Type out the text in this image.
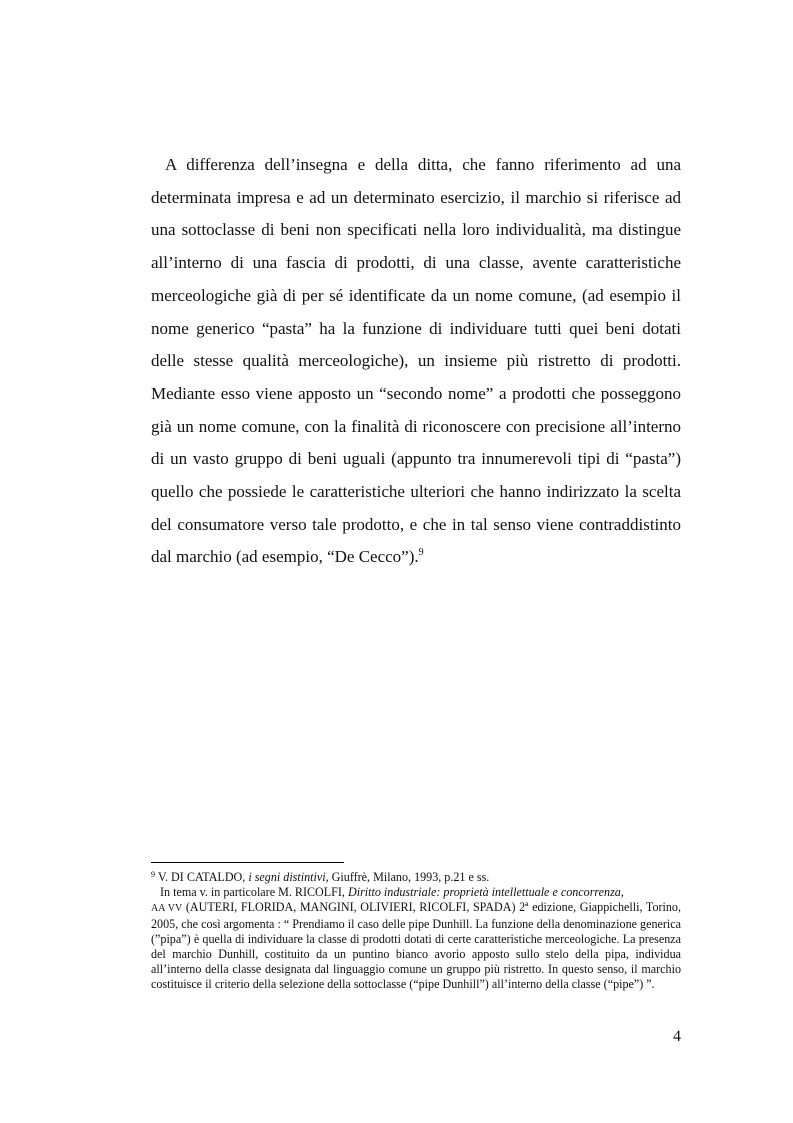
A differenza dell’insegna e della ditta, che fanno riferimento ad una determinata impresa e ad un determinato esercizio, il marchio si riferisce ad una sottoclasse di beni non specificati nella loro individualità, ma distingue all’interno di una fascia di prodotti, di una classe, avente caratteristiche merceologiche già di per sé identificate da un nome comune, (ad esempio il nome generico “pasta” ha la funzione di individuare tutti quei beni dotati delle stesse qualità merceologiche), un insieme più ristretto di prodotti. Mediante esso viene apposto un “secondo nome” a prodotti che posseggono già un nome comune, con la finalità di riconoscere con precisione all’interno di un vasto gruppo di beni uguali (appunto tra innumerevoli tipi di “pasta”) quello che possiede le caratteristiche ulteriori che hanno indirizzato la scelta del consumatore verso tale prodotto, e che in tal senso viene contraddistinto dal marchio (ad esempio, “De Cecco”).$^9$

$^9$ V. DI CATALDO, i segni distintivi, Giuffrè, Milano, 1993, p.21 e ss.

In tema v. in particolare M. RICOLFI, Diritto industriale: proprietà intellettuale e concorrenza,
AA VV (AUTERI, FLORIDA, MANGINI, OLIVIERI, RICOLFI, SPADA) 2ª edizione, Giappichelli, Torino, 2005, che così argomenta : “ Prendiamo il caso delle pipe Dunhill. La funzione della denominazione generica (”pipa”) è quella di individuare la classe di prodotti dotati di certe caratteristiche merceologiche. La presenza del marchio Dunhill, costituito da un puntino bianco avorio apposto sullo stelo della pipa, individua all’interno della classe designata dal linguaggio comune un gruppo più ristretto. In questo senso, il marchio costituisce il criterio della selezione della sottoclasse (“pipe Dunhill”) all’interno della classe (“pipe”) ”.

4
